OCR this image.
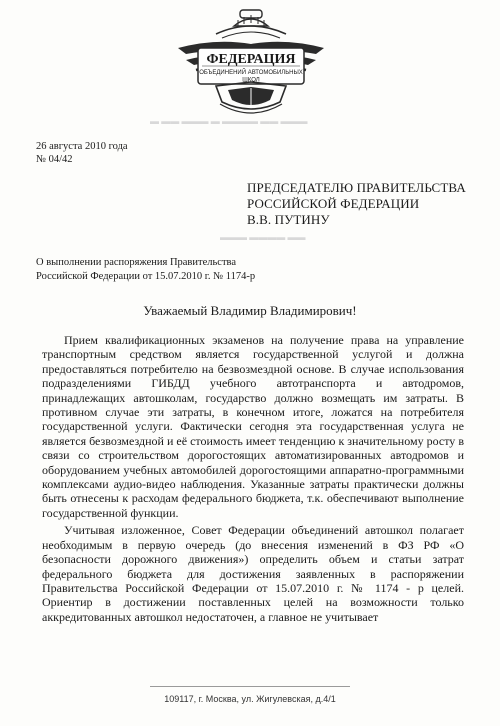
▬ ▬▬ ▬▬▬ ▬ ▬▬▬▬ ▬▬ ▬▬▬
▬▬▬ ▬▬▬▬ ▬▬
ФЕДЕРАЦИЯ
ОБЪЕДИНЕНИЙ АВТОМОБИЛЬНЫХ
ШКОЛ
26 августа 2010 года
№ 04/42
ПРЕДСЕДАТЕЛЮ ПРАВИТЕЛЬСТВА
РОССИЙСКОЙ ФЕДЕРАЦИИ
В.В. ПУТИНУ
О выполнении распоряжения Правительства
Российской Федерации от 15.07.2010 г. № 1174-р
Уважаемый Владимир Владимирович!

Прием квалификационных экзаменов на получение права на управление транспортным средством является государственной услугой и должна предоставляться потребителю на безвозмездной основе. В случае использования подразделениями ГИБДД учебного автотранспорта и автодромов, принадлежащих автошколам, государство должно возмещать им затраты. В противном случае эти затраты, в конечном итоге, ложатся на потребителя государственной услуги. Фактически сегодня эта государственная услуга не является безвозмездной и её стоимость имеет тенденцию к значительному росту в связи со строительством дорогостоящих автоматизированных автодромов и оборудованием учебных автомобилей дорогостоящими аппаратно-программными комплексами аудио-видео наблюдения. Указанные затраты практически должны быть отнесены к расходам федерального бюджета, т.к. обеспечивают выполнение государственной функции.

Учитывая изложенное, Совет Федерации объединений автошкол полагает необходимым в первую очередь (до внесения изменений в ФЗ РФ «О безопасности дорожного движения») определить объем и статьи затрат федерального бюджета для достижения заявленных в распоряжении Правительства Российской Федерации от 15.07.2010 г. № 1174 - р целей. Ориентир в достижении поставленных целей на возможности только аккредитованных автошкол недостаточен, а главное не учитывает

109117, г. Москва, ул. Жигулевская, д.4/1
